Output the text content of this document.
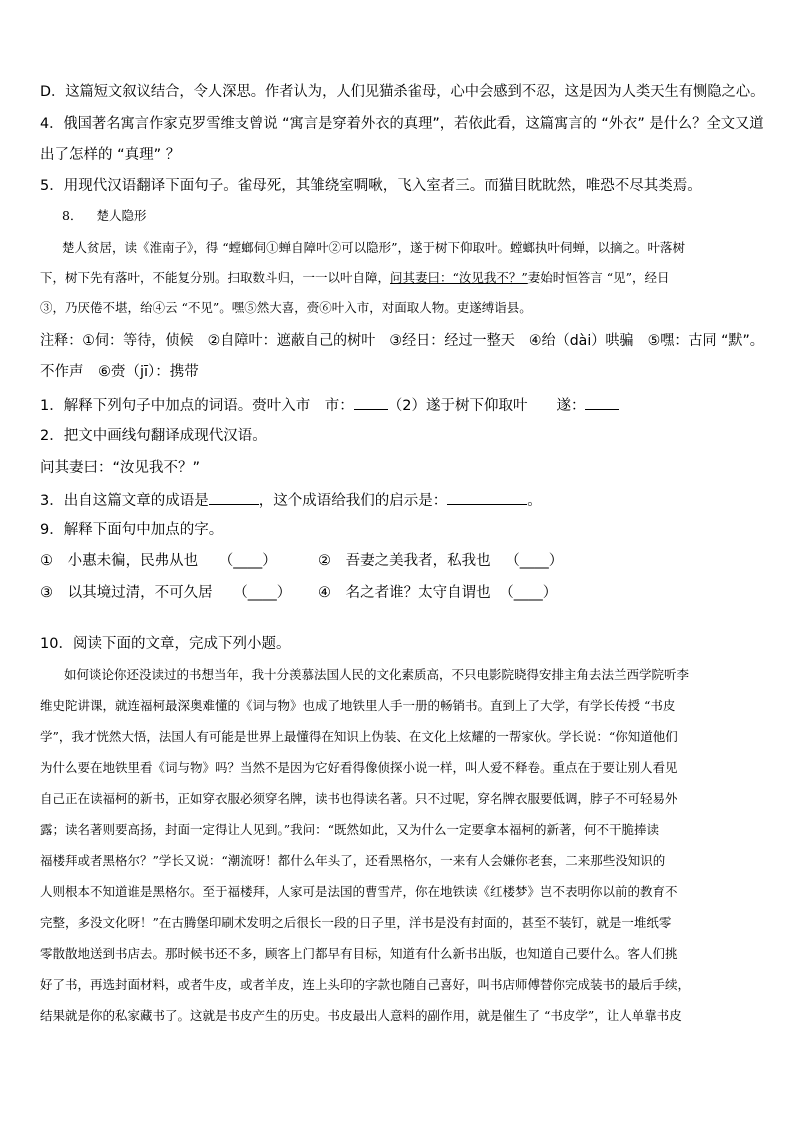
D．这篇短文叙议结合，令人深思。作者认为，人们见猫杀雀母，心中会感到不忍，这是因为人类天生有恻隐之心。
4．俄国著名寓言作家克罗雪维支曾说 “寓言是穿着外衣的真理”，若依此看，这篇寓言的 “外衣” 是什么？全文又道
出了怎样的 “真理” ？
5．用现代汉语翻译下面句子。雀母死，其雏绕室啁啾，飞入室者三。而猫目眈眈然，唯恐不尽其类焉。
8． 楚人隐形
楚人贫居，读《淮南子》，得 “螳螂伺①蝉自障叶②可以隐形”，遂于树下仰取叶。螳螂执叶伺蝉，以摘之。叶落树
下，树下先有落叶，不能复分别。扫取数斗归，一一以叶自障，问其妻曰：“汝见我不？”妻始时恒答言 “见”，经日
③，乃厌倦不堪，绐④云 “不见”。嘿⑤然大喜，赍⑥叶入市，对面取人物。吏遂缚诣县。
注释：①伺：等待，侦候　②自障叶：遮蔽自己的树叶　③经日：经过一整天　④绐（dài）哄骗　⑤嘿：古同 “默”。
不作声　⑥赍（jī）：携带
1．解释下列句子中加点的词语。赍叶入市　市： （2）遂于树下仰取叶　　遂：
2．把文中画线句翻译成现代汉语。
问其妻曰：“汝见我不？”
3．出自这篇文章的成语是	，这个成语给我们的启示是：	。
9．解释下面句中加点的字。
① 小惠未徧，民弗从也 （____）	② 吾妻之美我者，私我也 （____）
③ 以其境过清，不可久居 （____） ④ 名之者谁？太守自谓也 （____）
10．阅读下面的文章，完成下列小题。
如何谈论你还没读过的书想当年，我十分羡慕法国人民的文化素质高，不只电影院晓得安排主角去法兰西学院听李
维史陀讲课，就连福柯最深奥难懂的《词与物》也成了地铁里人手一册的畅销书。直到上了大学，有学长传授 “书皮
学”，我才恍然大悟，法国人有可能是世界上最懂得在知识上伪装、在文化上炫耀的一帮家伙。学长说：“你知道他们
为什么要在地铁里看《词与物》吗？当然不是因为它好看得像侦探小说一样，叫人爱不释卷。重点在于要让别人看见
自己正在读福柯的新书，正如穿衣服必须穿名牌，读书也得读名著。只不过呢，穿名牌衣服要低调，脖子不可轻易外
露；读名著则要高扬，封面一定得让人见到。”我问：“既然如此，又为什么一定要拿本福柯的新著，何不干脆捧读
福楼拜或者黑格尔？”学长又说：“潮流呀！都什么年头了，还看黑格尔，一来有人会嫌你老套，二来那些没知识的
人则根本不知道谁是黑格尔。至于福楼拜，人家可是法国的曹雪芹，你在地铁读《红楼梦》岂不表明你以前的教育不
完整，多没文化呀！”在古腾堡印刷术发明之后很长一段的日子里，洋书是没有封面的，甚至不装钉，就是一堆纸零
零散散地送到书店去。那时候书还不多，顾客上门都早有目标，知道有什么新书出版，也知道自己要什么。客人们挑
好了书，再选封面材料，或者牛皮，或者羊皮，连上头印的字款也随自己喜好，叫书店师傅替你完成装书的最后手续，
结果就是你的私家藏书了。这就是书皮产生的历史。书皮最出人意料的副作用，就是催生了 “书皮学”，让人单靠书皮
